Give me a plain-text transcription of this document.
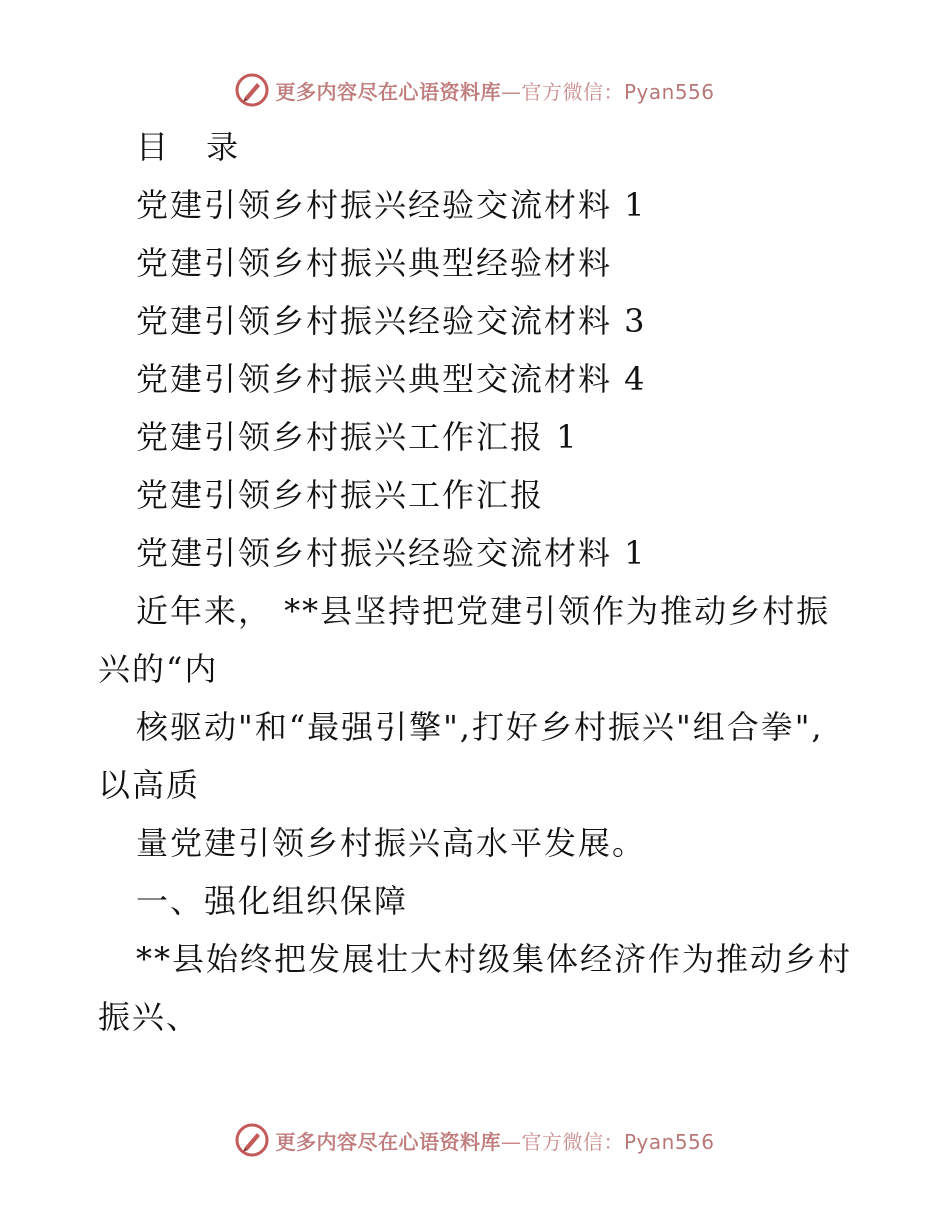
更多内容尽在心语资料库—官方微信：Pyan556
目 录
党建引领乡村振兴经验交流材料 1
党建引领乡村振兴典型经验材料
党建引领乡村振兴经验交流材料 3
党建引领乡村振兴典型交流材料 4
党建引领乡村振兴工作汇报 1
党建引领乡村振兴工作汇报
党建引领乡村振兴经验交流材料 1
近年来， **县坚持把党建引领作为推动乡村振
兴的“内
核驱动"和“最强引擎",打好乡村振兴"组合拳",
以高质
量党建引领乡村振兴高水平发展。
一、强化组织保障
**县始终把发展壮大村级集体经济作为推动乡村
振兴、
更多内容尽在心语资料库—官方微信：Pyan556
